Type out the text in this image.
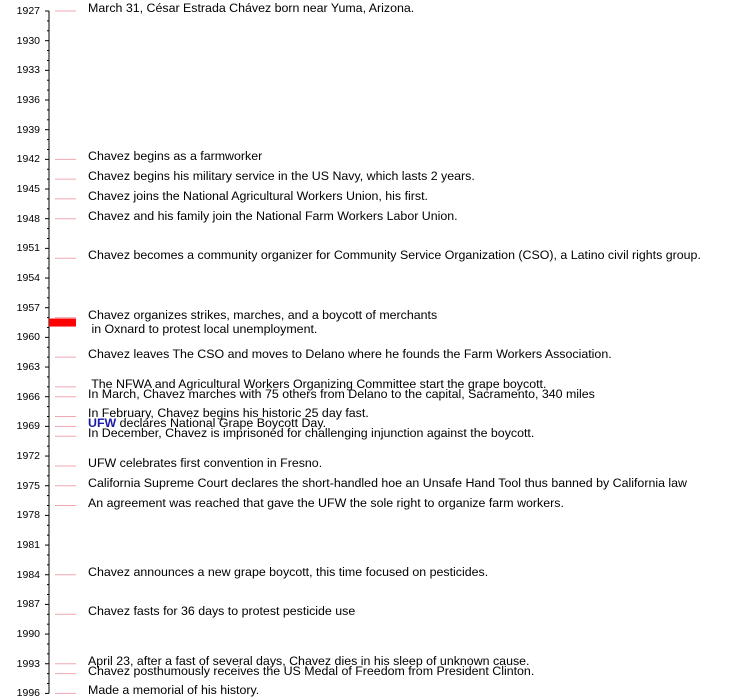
1927
1930
1933
1936
1939
1942
1945
1948
1951
1954
1957
1960
1963
1966
1969
1972
1975
1978
1981
1984
1987
1990
1993
1996
March 31, César Estrada Chávez born near Yuma, Arizona.
Chavez begins as a farmworker
Chavez begins his military service in the US Navy, which lasts 2 years.
Chavez joins the National Agricultural Workers Union, his first.
Chavez and his family join the National Farm Workers Labor Union.
Chavez becomes a community organizer for Community Service Organization (CSO), a Latino civil rights group.
Chavez organizes strikes, marches, and a boycott of merchants
in Oxnard to protest local unemployment.
Chavez leaves The CSO and moves to Delano where he founds the Farm Workers Association.
The NFWA and Agricultural Workers Organizing Committee start the grape boycott.
In March, Chavez marches with 75 others from Delano to the capital, Sacramento, 340 miles
In February, Chavez begins his historic 25 day fast.
UFW declares National Grape Boycott Day.
In December, Chavez is imprisoned for challenging injunction against the boycott.
UFW celebrates first convention in Fresno.
California Supreme Court declares the short-handled hoe an Unsafe Hand Tool thus banned by California law
An agreement was reached that gave the UFW the sole right to organize farm workers.
Chavez announces a new grape boycott, this time focused on pesticides.
Chavez fasts for 36 days to protest pesticide use
April 23, after a fast of several days, Chavez dies in his sleep of unknown cause.
Chavez posthumously receives the US Medal of Freedom from President Clinton.
Made a memorial of his history.
